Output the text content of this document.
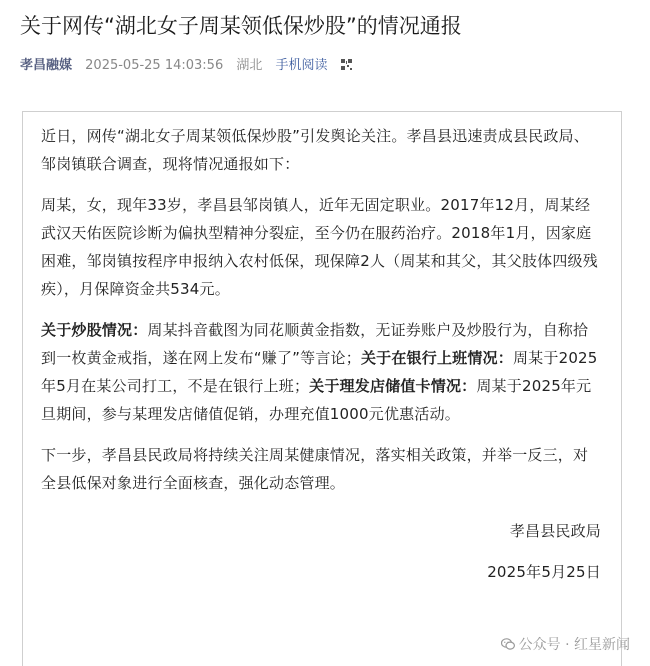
关于网传“湖北女子周某领低保炒股”的情况通报
孝昌融媒 2025-05-25 14:03:56 湖北 手机阅读

近日，网传“湖北女子周某领低保炒股”引发舆论关注。孝昌县迅速责成县民政局、邹岗镇联合调查，现将情况通报如下：

周某，女，现年33岁，孝昌县邹岗镇人，近年无固定职业。2017年12月，周某经武汉天佑医院诊断为偏执型精神分裂症，至今仍在服药治疗。2018年1月，因家庭困难，邹岗镇按程序申报纳入农村低保，现保障2人（周某和其父，其父肢体四级残疾），月保障资金共534元。

关于炒股情况：周某抖音截图为同花顺黄金指数，无证券账户及炒股行为，自称拾到一枚黄金戒指，遂在网上发布“赚了”等言论；关于在银行上班情况：周某于2025年5月在某公司打工，不是在银行上班；关于理发店储值卡情况：周某于2025年元旦期间，参与某理发店储值促销，办理充值1000元优惠活动。

下一步，孝昌县民政局将持续关注周某健康情况，落实相关政策，并举一反三，对全县低保对象进行全面核查，强化动态管理。

孝昌县民政局

2025年5月25日

公众号 · 红星新闻
